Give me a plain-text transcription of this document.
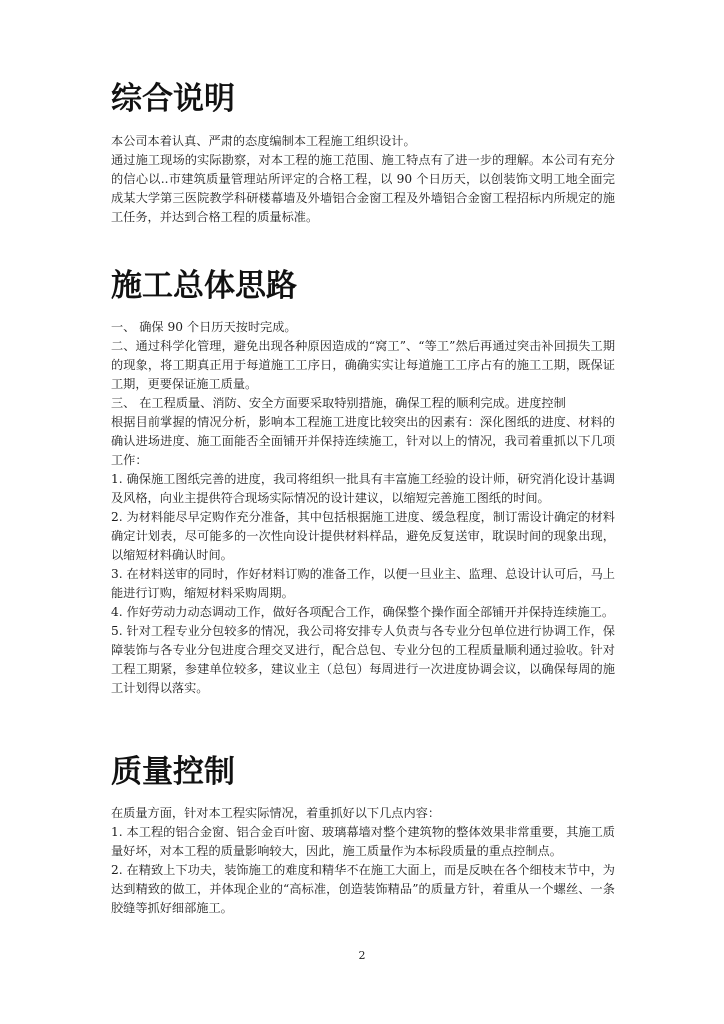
综合说明

本公司本着认真、严肃的态度编制本工程施工组织设计。

通过施工现场的实际勘察，对本工程的施工范围、施工特点有了进一步的理解。本公司有充分的信心以..市建筑质量管理站所评定的合格工程，以 90 个日历天，以创装饰文明工地全面完成某大学第三医院教学科研楼幕墙及外墙铝合金窗工程及外墙铝合金窗工程招标内所规定的施工任务，并达到合格工程的质量标准。

施工总体思路

一、 确保 90 个日历天按时完成。

二、通过科学化管理，避免出现各种原因造成的“窝工”、“等工”然后再通过突击补回损失工期的现象，将工期真正用于每道施工工序日，确确实实让每道施工工序占有的施工工期，既保证工期，更要保证施工质量。

三、 在工程质量、消防、安全方面要采取特别措施，确保工程的顺利完成。进度控制

根据目前掌握的情况分析，影响本工程施工进度比较突出的因素有：深化图纸的进度、材料的确认进场进度、施工面能否全面铺开并保持连续施工，针对以上的情况，我司着重抓以下几项工作：

1. 确保施工图纸完善的进度，我司将组织一批具有丰富施工经验的设计师，研究消化设计基调及风格，向业主提供符合现场实际情况的设计建议，以缩短完善施工图纸的时间。

2. 为材料能尽早定购作充分准备，其中包括根据施工进度、缓急程度，制订需设计确定的材料确定计划表，尽可能多的一次性向设计提供材料样品，避免反复送审，耽误时间的现象出现，以缩短材料确认时间。

3. 在材料送审的同时，作好材料订购的准备工作，以便一旦业主、监理、总设计认可后，马上能进行订购，缩短材料采购周期。

4. 作好劳动力动态调动工作，做好各项配合工作，确保整个操作面全部铺开并保持连续施工。

5. 针对工程专业分包较多的情况，我公司将安排专人负责与各专业分包单位进行协调工作，保障装饰与各专业分包进度合理交叉进行，配合总包、专业分包的工程质量顺利通过验收。针对工程工期紧，参建单位较多，建议业主（总包）每周进行一次进度协调会议，以确保每周的施工计划得以落实。

质量控制

在质量方面，针对本工程实际情况，着重抓好以下几点内容：

1. 本工程的铝合金窗、铝合金百叶窗、玻璃幕墙对整个建筑物的整体效果非常重要，其施工质量好坏，对本工程的质量影响较大，因此，施工质量作为本标段质量的重点控制点。

2. 在精致上下功夫，装饰施工的难度和精华不在施工大面上，而是反映在各个细枝末节中，为达到精致的做工，并体现企业的“高标准，创造装饰精品”的质量方针，着重从一个螺丝、一条胶缝等抓好细部施工。

2
